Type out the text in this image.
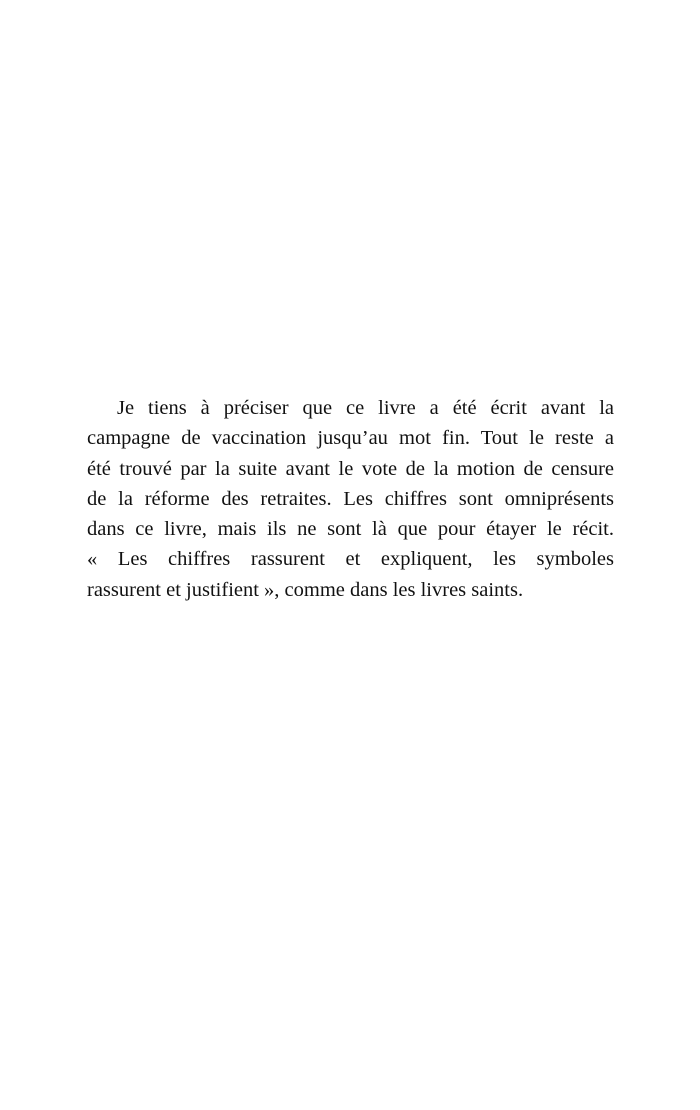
Je tiens à préciser que ce livre a été écrit avant la
campagne de vaccination jusqu’au mot fin. Tout le reste a
été trouvé par la suite avant le vote de la motion de censure
de la réforme des retraites. Les chiffres sont omniprésents
dans ce livre, mais ils ne sont là que pour étayer le récit.
« Les chiffres rassurent et expliquent, les symboles
rassurent et justifient », comme dans les livres saints.
